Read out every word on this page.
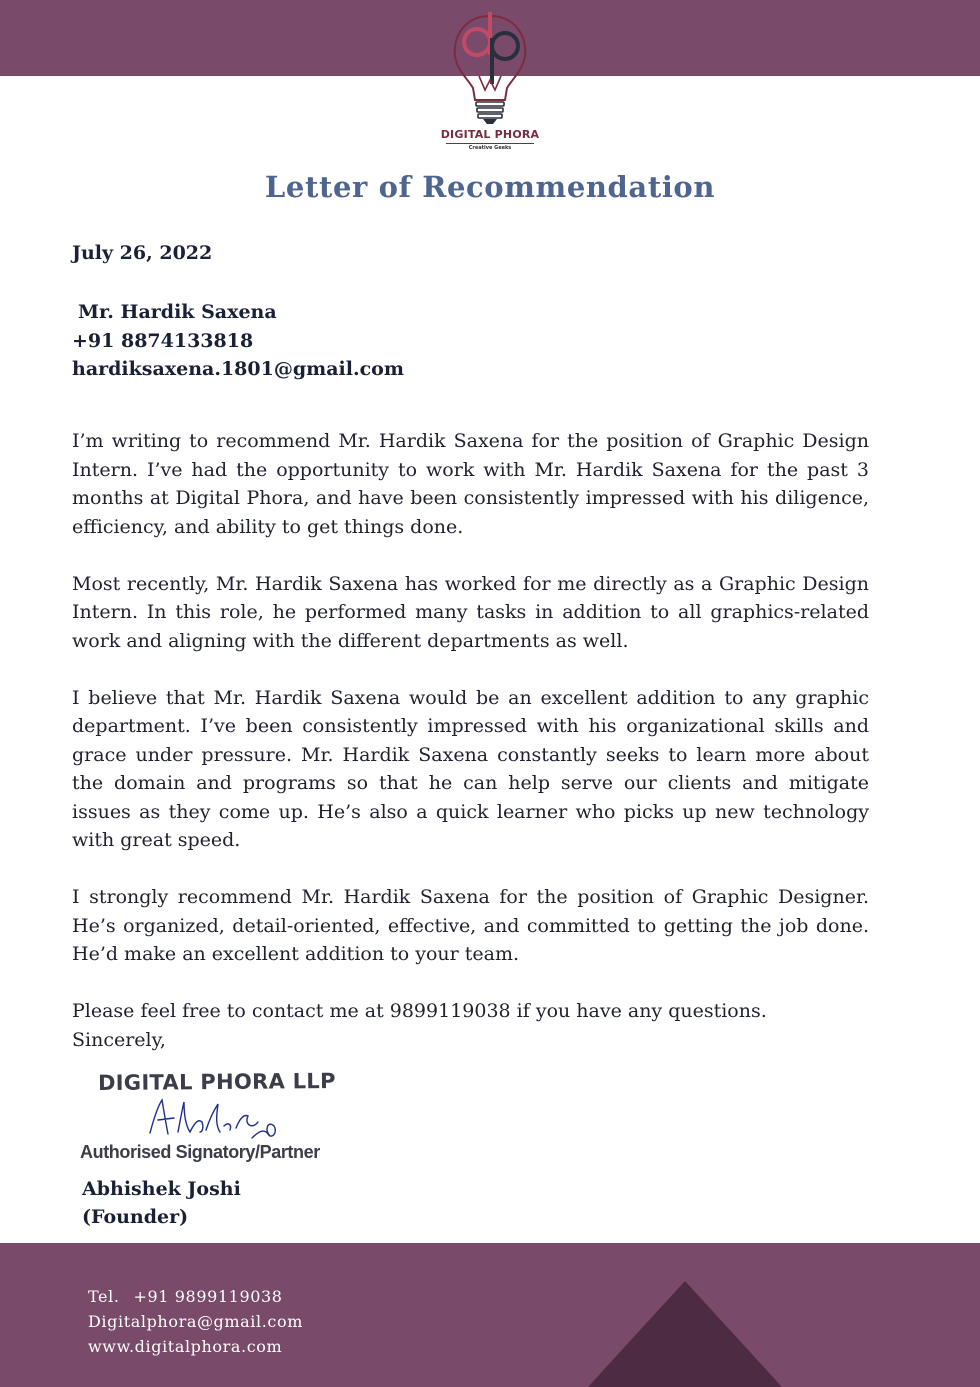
DIGITAL PHORA
Creative Geeks
Letter of Recommendation
July 26, 2022
Mr. Hardik Saxena
+91 8874133818
hardiksaxena.1801@gmail.com

I’m writing to recommend Mr. Hardik Saxena for the position of Graphic Design Intern. I’ve had the opportunity to work with Mr. Hardik Saxena for the past 3 months at Digital Phora, and have been consistently impressed with his diligence, efficiency, and ability to get things done.

Most recently, Mr. Hardik Saxena has worked for me directly as a Graphic Design Intern. In this role, he performed many tasks in addition to all graphics-related work and aligning with the different departments as well.

I believe that Mr. Hardik Saxena would be an excellent addition to any graphic department. I’ve been consistently impressed with his organizational skills and grace under pressure. Mr. Hardik Saxena constantly seeks to learn more about the domain and programs so that he can help serve our clients and mitigate issues as they come up. He’s also a quick learner who picks up new technology with great speed.

I strongly recommend Mr. Hardik Saxena for the position of Graphic Designer. He’s organized, detail-oriented, effective, and committed to getting the job done. He’d make an excellent addition to your team.

Please feel free to contact me at 9899119038 if you have any questions.

Sincerely,

DIGITAL PHORA LLP
Authorised Signatory/Partner
Abhishek Joshi
(Founder)
Tel. +91 9899119038
Digitalphora@gmail.com
www.digitalphora.com
